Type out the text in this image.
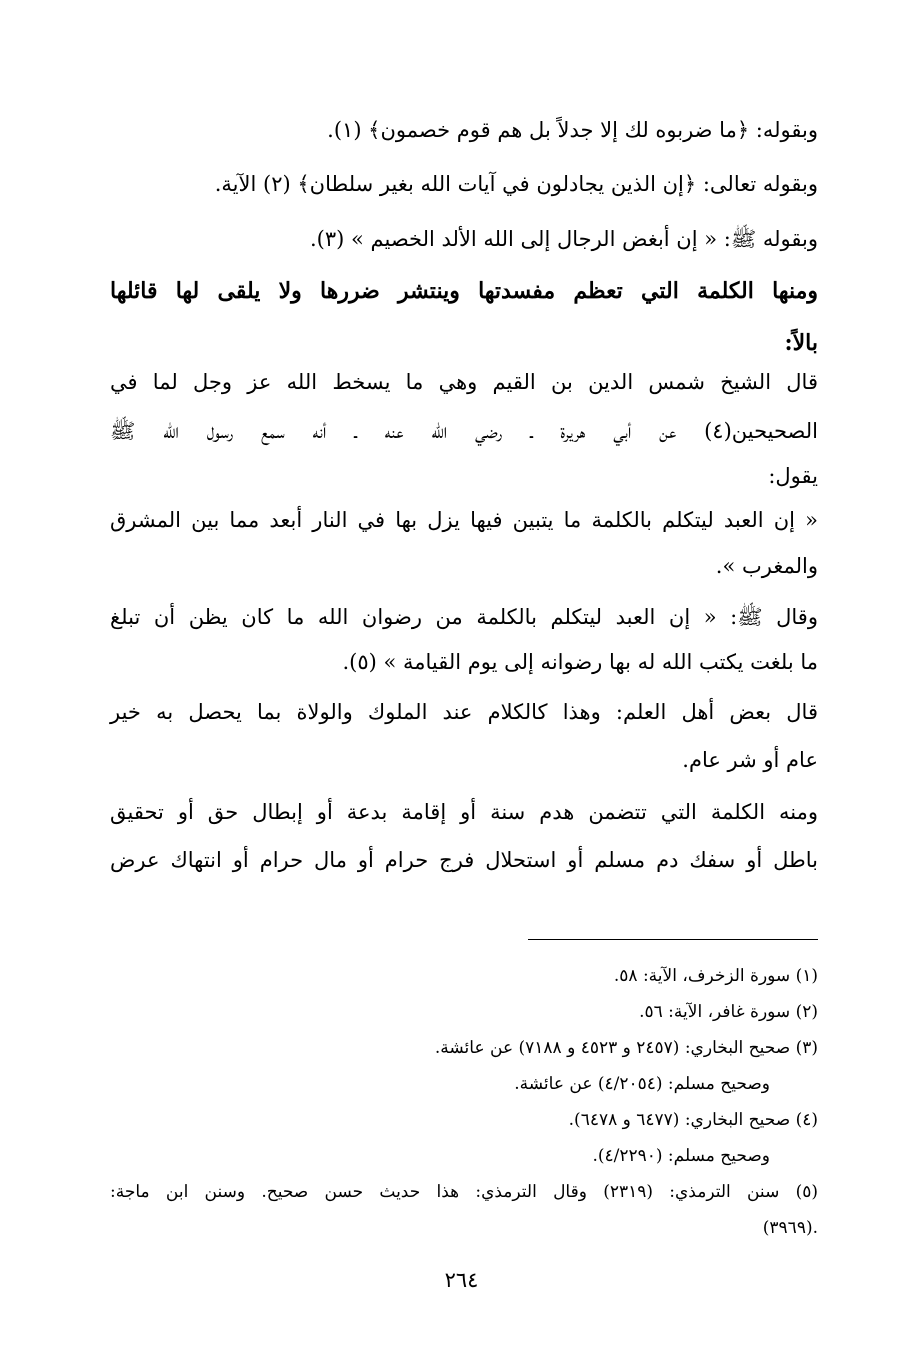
وبقوله: ﴿ما ضربوه لك إلا جدلاً بل هم قوم خصمون﴾ (١).
وبقوله تعالى: ﴿إن الذين يجادلون في آيات الله بغير سلطان﴾ (٢) الآية.
وبقوله ﷺ: « إن أبغض الرجال إلى الله الألد الخصيم » (٣).
ومنها الكلمة التي تعظم مفسدتها وينتشر ضررها ولا يلقى لها قائلها
بالاً:
قال الشيخ شمس الدين بن القيم وهي ما يسخط الله عز وجل لما في
الصحيحين(٤) عن أبي هريرة ـ رضي الله عنه ـ أنه سمع رسول الله ﷺ
يقول:
« إن العبد ليتكلم بالكلمة ما يتبين فيها يزل بها في النار أبعد مما بين المشرق
والمغرب ».
وقال ﷺ: « إن العبد ليتكلم بالكلمة من رضوان الله ما كان يظن أن تبلغ
ما بلغت يكتب الله له بها رضوانه إلى يوم القيامة » (٥).
قال بعض أهل العلم: وهذا كالكلام عند الملوك والولاة بما يحصل به خير
عام أو شر عام.
ومنه الكلمة التي تتضمن هدم سنة أو إقامة بدعة أو إبطال حق أو تحقيق
باطل أو سفك دم مسلم أو استحلال فرج حرام أو مال حرام أو انتهاك عرض
(١) سورة الزخرف، الآية: ٥٨.
(٢) سورة غافر، الآية: ٥٦.
(٣) صحيح البخاري: (٢٤٥٧ و ٤٥٢٣ و ٧١٨٨) عن عائشة.
وصحيح مسلم: (٤/٢٠٥٤) عن عائشة.
(٤) صحيح البخاري: (٦٤٧٧ و ٦٤٧٨).
وصحيح مسلم: (٤/٢٢٩٠).
(٥) سنن الترمذي: (٢٣١٩) وقال الترمذي: هذا حديث حسن صحيح. وسنن ابن ماجة:
(٣٩٦٩).
٢٦٤
